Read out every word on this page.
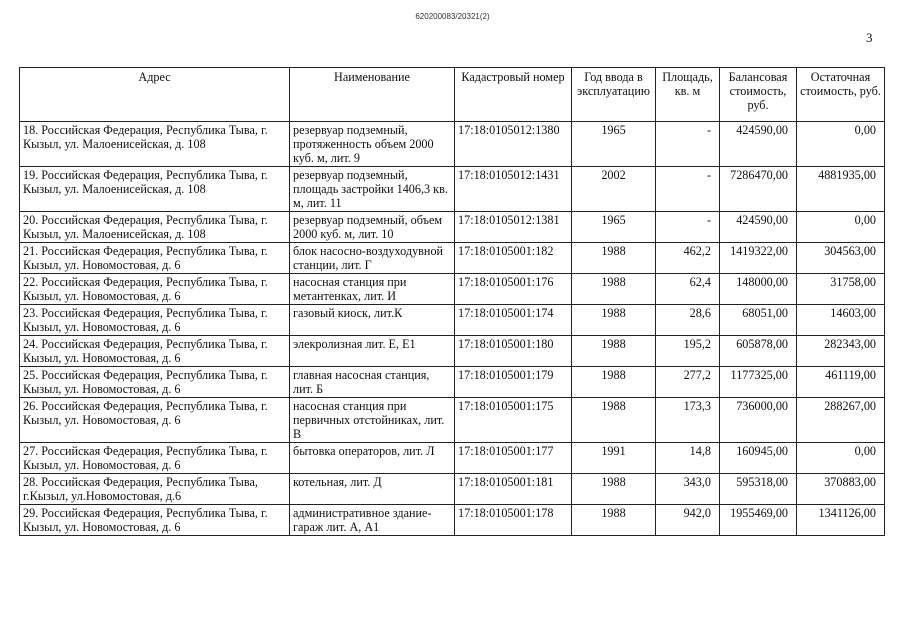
620200083/20321(2)
3
Адрес	Наименование	Кадастровый номер	Год ввода в эксплуатацию	Площадь, кв. м	Балансовая стоимость, руб.	Остаточная стоимость, руб.
18. Российская Федерация, Республика Тыва, г. Кызыл, ул. Малоенисейская, д. 108	резервуар подземный, протяженность объем 2000 куб. м, лит. 9	17:18:0105012:1380	1965	-	424590,00	0,00
19. Российская Федерация, Республика Тыва, г. Кызыл, ул. Малоенисейская, д. 108	резервуар подземный, площадь застройки 1406,3 кв. м, лит. 11	17:18:0105012:1431	2002	-	7286470,00	4881935,00
20. Российская Федерация, Республика Тыва, г. Кызыл, ул. Малоенисейская, д. 108	резервуар подземный, объем 2000 куб. м, лит. 10	17:18:0105012:1381	1965	-	424590,00	0,00
21. Российская Федерация, Республика Тыва, г. Кызыл, ул. Новомостовая, д. 6	блок насосно-воздуходувной станции, лит. Г	17:18:0105001:182	1988	462,2	1419322,00	304563,00
22. Российская Федерация, Республика Тыва, г. Кызыл, ул. Новомостовая, д. 6	насосная станция при метантенках, лит. И	17:18:0105001:176	1988	62,4	148000,00	31758,00
23. Российская Федерация, Республика Тыва, г. Кызыл, ул. Новомостовая, д. 6	газовый киоск, лит.К	17:18:0105001:174	1988	28,6	68051,00	14603,00
24. Российская Федерация, Республика Тыва, г. Кызыл, ул. Новомостовая, д. 6	элекролизная лит. Е, Е1	17:18:0105001:180	1988	195,2	605878,00	282343,00
25. Российская Федерация, Республика Тыва, г. Кызыл, ул. Новомостовая, д. 6	главная насосная станция, лит. Б	17:18:0105001:179	1988	277,2	1177325,00	461119,00
26. Российская Федерация, Республика Тыва, г. Кызыл, ул. Новомостовая, д. 6	насосная станция при первичных отстойниках, лит. В	17:18:0105001:175	1988	173,3	736000,00	288267,00
27. Российская Федерация, Республика Тыва, г. Кызыл, ул. Новомостовая, д. 6	бытовка операторов, лит. Л	17:18:0105001:177	1991	14,8	160945,00	0,00
28. Российская Федерация, Республика Тыва, г.Кызыл, ул.Новомостовая, д.6	котельная, лит. Д	17:18:0105001:181	1988	343,0	595318,00	370883,00
29. Российская Федерация, Республика Тыва, г. Кызыл, ул. Новомостовая, д. 6	административное здание-гараж лит. А, А1	17:18:0105001:178	1988	942,0	1955469,00	1341126,00
